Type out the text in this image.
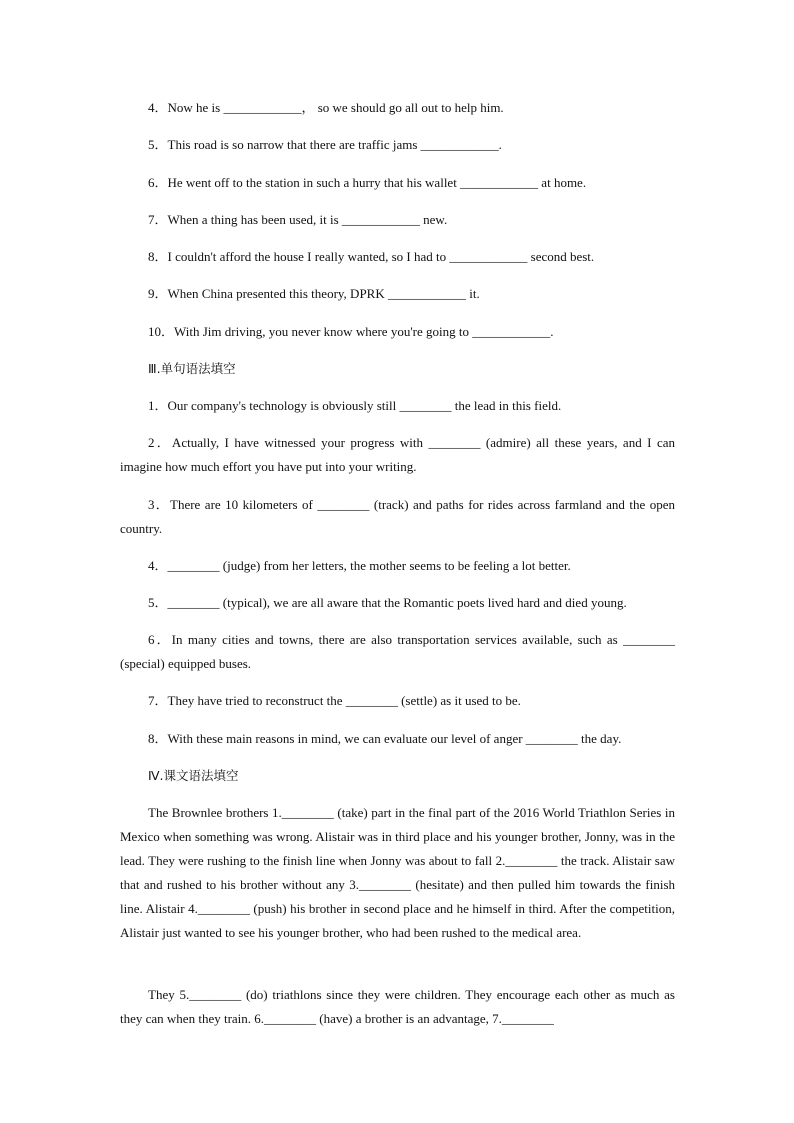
4．Now he is ____________， so we should go all out to help him.
5．This road is so narrow that there are traffic jams ____________.
6．He went off to the station in such a hurry that his wallet ____________ at home.
7．When a thing has been used, it is ____________ new.
8．I couldn't afford the house I really wanted, so I had to ____________ second best.
9．When China presented this theory, DPRK ____________ it.
10．With Jim driving, you never know where you're going to ____________.
Ⅲ.单句语法填空
1．Our company's technology is obviously still ________ the lead in this field.
2．Actually, I have witnessed your progress with ________ (admire) all these years, and I can imagine how much effort you have put into your writing.
3．There are 10 kilometers of ________ (track) and paths for rides across farmland and the open country.
4．________ (judge) from her letters, the mother seems to be feeling a lot better.
5．________ (typical), we are all aware that the Romantic poets lived hard and died young.
6．In many cities and towns, there are also transportation services available, such as ________ (special) equipped buses.
7．They have tried to reconstruct the ________ (settle) as it used to be.
8．With these main reasons in mind, we can evaluate our level of anger ________ the day.
Ⅳ.课文语法填空
The Brownlee brothers 1.________ (take) part in the final part of the 2016 World Triathlon Series in Mexico when something was wrong. Alistair was in third place and his younger brother, Jonny, was in the lead. They were rushing to the finish line when Jonny was about to fall 2.________ the track. Alistair saw that and rushed to his brother without any 3.________ (hesitate) and then pulled him towards the finish line. Alistair 4.________ (push) his brother in second place and he himself in third. After the competition, Alistair just wanted to see his younger brother, who had been rushed to the medical area.
They 5.________ (do) triathlons since they were children. They encourage each other as much as they can when they train. 6.________ (have) a brother is an advantage, 7.________
